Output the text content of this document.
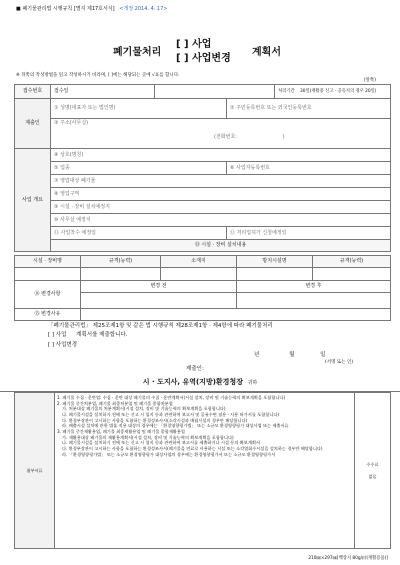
■ 폐기물관리법 시행규칙 [별지 제17호서식] <개정 2014. 4. 17>
폐기물처리
[ ] 사업
[ ] 사업변경
계획서
※ 뒤쪽의 작성방법을 읽고 작성하시기 바라며, [ ]에는 해당되는 곳에 √표를 합니다.
(앞쪽)
접수번호	접수일			처리기간 30일(재활용 신고 · 공유지의 경우 20일)
제출인	① 성명(대표자 또는 법인명)		② 주민등록번호 또는 외국인등록번호	

	③ 주소(사무실)
(전화번호: )			

사업 개요	④ 상호(명칭)			
	⑤ 업종		⑥ 사업자등록번호	
	⑦ 영업대상 폐기물			
	⑧ 영업구역			
	⑨ 시설 · 장비 설치예정지			
	⑩ 사무실 예정지			
	⑪ 사업착수 예정일		⑫ 처리업허가 신청예정일	
	⑬ 시설 · 장비 설치내용			
시설 · 장비명	규격(능력)	소재지	방지시설명	규격(능력)

⑭ 변경사항	변경 전		변경 후	

⑮ 변경사유				
「폐기물관리법」 제25조제1항 및 같은 법 시행규칙 제28조제1항 · 제4항에 따라 폐기물처리
[ ] 사업 계획서를 제출합니다.
[ ] 사업변경
년	월	일
제출인:
(서명 또는 인)
시 · 도지사, 유역(지방)환경청장 귀하
첨부서류	
1. 폐기물 수집 · 운반업: 수집 · 운반 대상 폐기물의 수집 · 운반계획서(시설 설치, 장비 및 기술능력의 확보계획을 포함합니다)
2. 폐기물 중간처분업, 폐기물 최종처분업 및 폐기물 종합처분업
가. 처분대상 폐기물의 처분계획서(시설 설치, 장비 및 기술능력의 확보계획을 포함합니다)
나. 폐기물시설을 설치하기 전에 또는 신고 시 입지 등과 관련하여 보고서 및 공유수면 점용 · 사용 허가서를 포함합니다)
다. 환경부장관이 고시하는 사항을 포함하는 환경성조사서(소각시설과 매립시설의 경우만 해당합니다)
라. 배출시설 설치에 관한 법률 적용 대상의 경우에는 「환경영향평가법」 또는 소규모 환경영향평가 대상사업 또는 제출서류
3. 폐기물 중간재활용업, 폐기물 최종재활용업 및 폐기물 종합재활용업
가. 재활용대상 폐기물의 재활용계획서(시설 설치, 장비 및 기술능력의 확보계획을 포함합니다)
나. 폐기물시설을 설치하기 전에 또는 신고 시 입지 등과 관련하여 보고서를 제출하거나 시설 등의 확보계획서
다. 환경부장관이 고시하는 사항을 포함하는 환경성조사서(폐기물을 연료로 사용하는 시설 또는 소각열회수시설을 설치하는 경우만 해당합니다)
라. 「환경영향평가법」 또는 소규모 환경영향평가 대상사업의 경우에는 환경영향평가서 또는 소규모 환경영향평가서

수수료
없음
210㎜×297㎜[백상지 80g/㎡(재활용품)]
